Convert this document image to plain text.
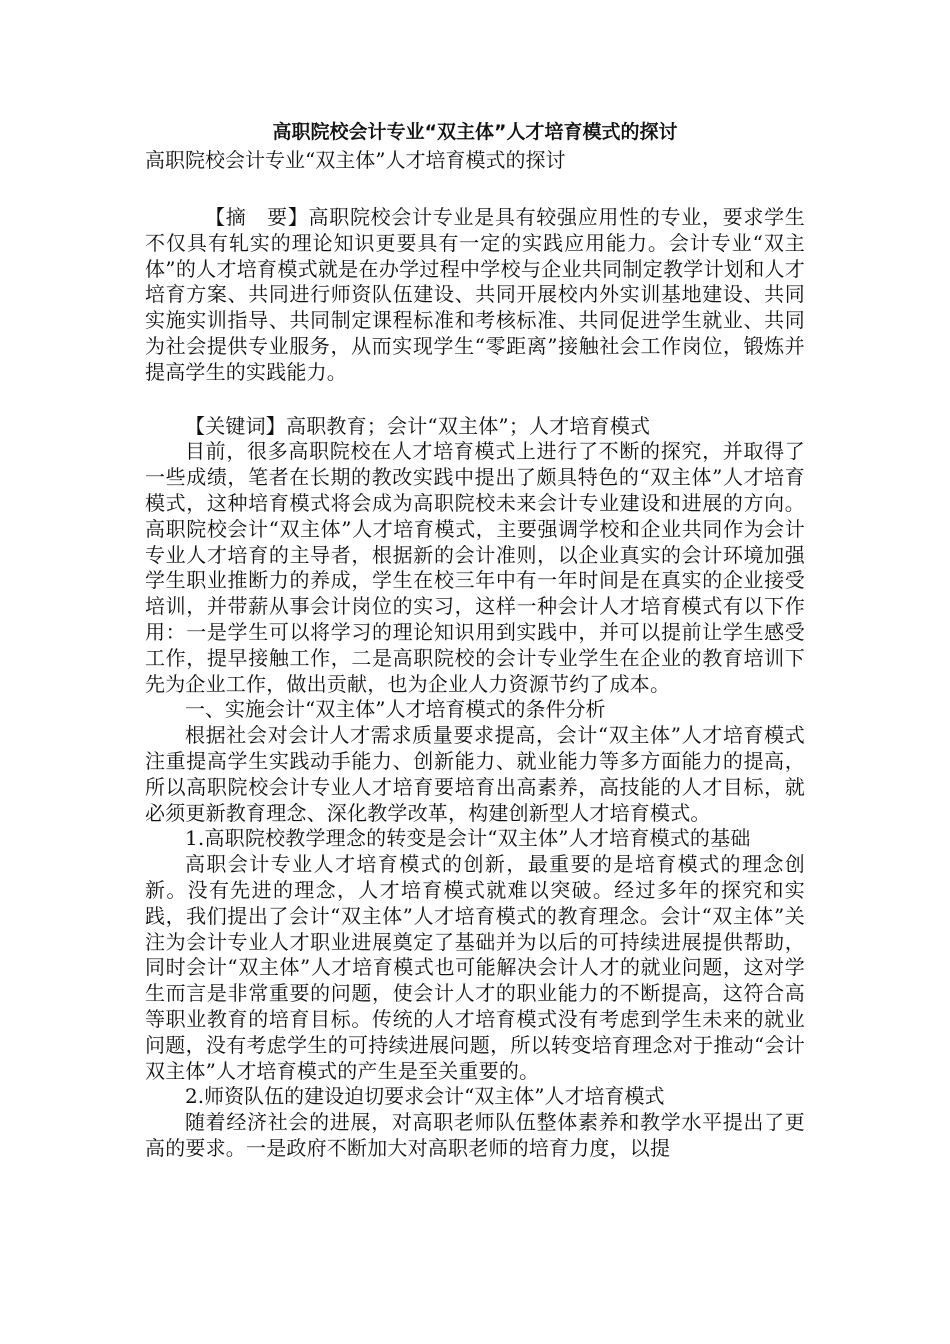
高职院校会计专业“双主体”人才培育模式的探讨

高职院校会计专业“双主体”人才培育模式的探讨

【摘　要】高职院校会计专业是具有较强应用性的专业，要求学生不仅具有轧实的理论知识更要具有一定的实践应用能力。会计专业“双主体”的人才培育模式就是在办学过程中学校与企业共同制定教学计划和人才培育方案、共同进行师资队伍建设、共同开展校内外实训基地建设、共同实施实训指导、共同制定课程标准和考核标准、共同促进学生就业、共同为社会提供专业服务，从而实现学生“零距离”接触社会工作岗位，锻炼并提高学生的实践能力。

【关键词】高职教育；会计“双主体”；人才培育模式

目前，很多高职院校在人才培育模式上进行了不断的探究，并取得了一些成绩，笔者在长期的教改实践中提出了颇具特色的“双主体”人才培育模式，这种培育模式将会成为高职院校未来会计专业建设和进展的方向。高职院校会计“双主体”人才培育模式，主要强调学校和企业共同作为会计专业人才培育的主导者，根据新的会计准则，以企业真实的会计环境加强学生职业推断力的养成，学生在校三年中有一年时间是在真实的企业接受培训，并带薪从事会计岗位的实习，这样一种会计人才培育模式有以下作用：一是学生可以将学习的理论知识用到实践中，并可以提前让学生感受工作，提早接触工作，二是高职院校的会计专业学生在企业的教育培训下先为企业工作，做出贡献，也为企业人力资源节约了成本。

一、实施会计“双主体”人才培育模式的条件分析

根据社会对会计人才需求质量要求提高，会计“双主体”人才培育模式注重提高学生实践动手能力、创新能力、就业能力等多方面能力的提高，所以高职院校会计专业人才培育要培育出高素养，高技能的人才目标，就必须更新教育理念、深化教学改革，构建创新型人才培育模式。

1.高职院校教学理念的转变是会计“双主体”人才培育模式的基础

高职会计专业人才培育模式的创新，最重要的是培育模式的理念创新。没有先进的理念，人才培育模式就难以突破。经过多年的探究和实践，我们提出了会计“双主体”人才培育模式的教育理念。会计“双主体”关注为会计专业人才职业进展奠定了基础并为以后的可持续进展提供帮助，同时会计“双主体”人才培育模式也可能解决会计人才的就业问题，这对学生而言是非常重要的问题，使会计人才的职业能力的不断提高，这符合高等职业教育的培育目标。传统的人才培育模式没有考虑到学生未来的就业问题，没有考虑学生的可持续进展问题，所以转变培育理念对于推动“会计双主体”人才培育模式的产生是至关重要的。

2.师资队伍的建设迫切要求会计“双主体”人才培育模式

随着经济社会的进展，对高职老师队伍整体素养和教学水平提出了更高的要求。一是政府不断加大对高职老师的培育力度，以提
